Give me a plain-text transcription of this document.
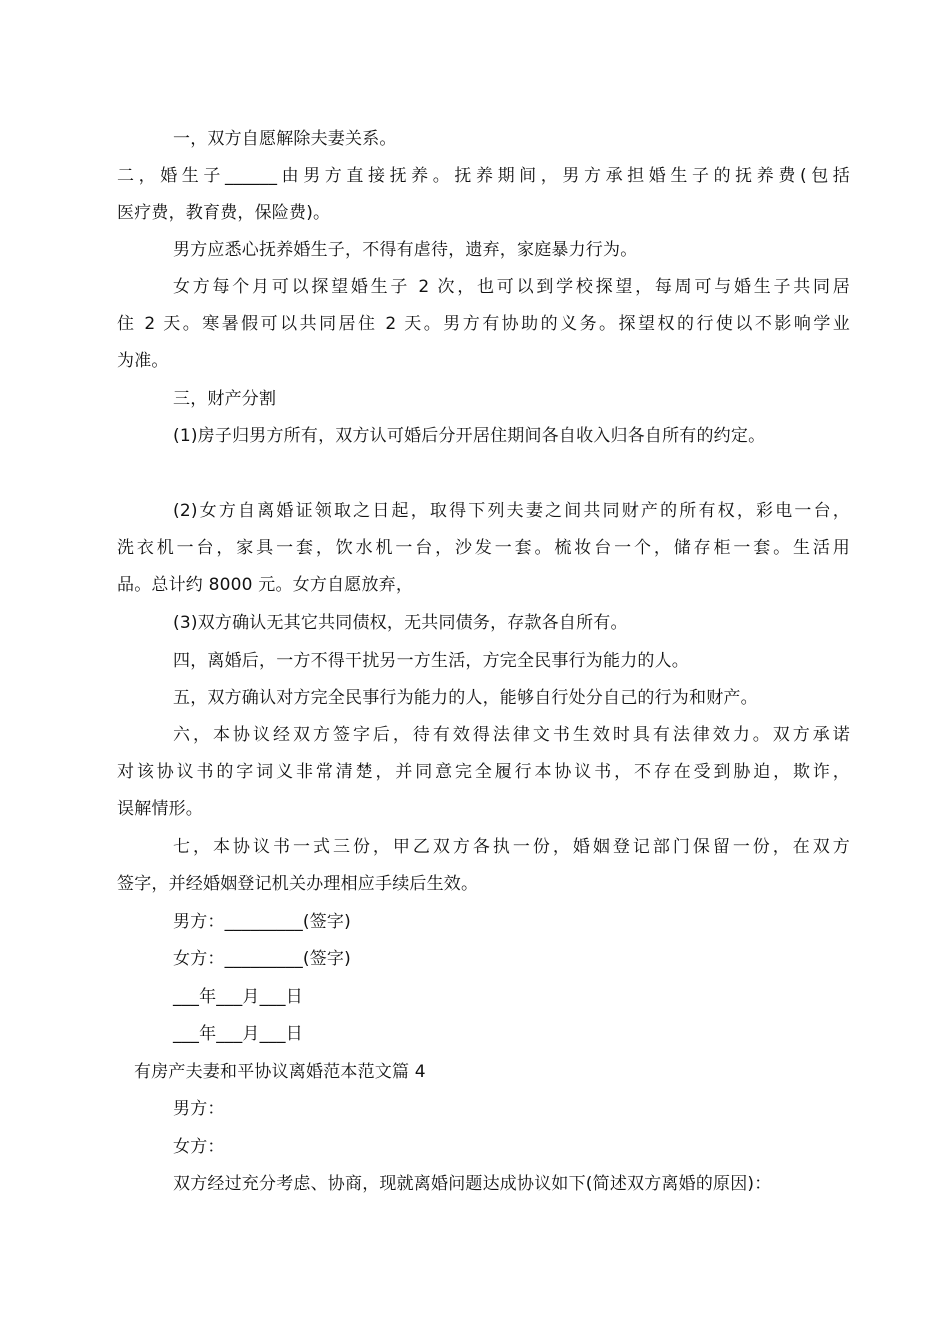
一，双方自愿解除夫妻关系。

二，婚生子______由男方直接抚养。抚养期间，男方承担婚生子的抚养费(包括

医疗费，教育费，保险费)。

男方应悉心抚养婚生子，不得有虐待，遗弃，家庭暴力行为。

女方每个月可以探望婚生子 2 次，也可以到学校探望，每周可与婚生子共同居

住 2 天。寒暑假可以共同居住 2 天。男方有协助的义务。探望权的行使以不影响学业

为准。

三，财产分割

(1)房子归男方所有，双方认可婚后分开居住期间各自收入归各自所有的约定。

(2)女方自离婚证领取之日起，取得下列夫妻之间共同财产的所有权，彩电一台，

洗衣机一台，家具一套，饮水机一台，沙发一套。梳妆台一个，储存柜一套。生活用

品。总计约 8000 元。女方自愿放弃，

(3)双方确认无其它共同债权，无共同债务，存款各自所有。

四，离婚后，一方不得干扰另一方生活，方完全民事行为能力的人。

五，双方确认对方完全民事行为能力的人，能够自行处分自己的行为和财产。

六，本协议经双方签字后，待有效得法律文书生效时具有法律效力。双方承诺

对该协议书的字词义非常清楚，并同意完全履行本协议书，不存在受到胁迫，欺诈，

误解情形。

七，本协议书一式三份，甲乙双方各执一份，婚姻登记部门保留一份，在双方

签字，并经婚姻登记机关办理相应手续后生效。

男方：_________(签字)

女方：_________(签字)

___年___月___日

___年___月___日

有房产夫妻和平协议离婚范本范文篇 4

男方：

女方：

双方经过充分考虑、协商，现就离婚问题达成协议如下(简述双方离婚的原因)：
